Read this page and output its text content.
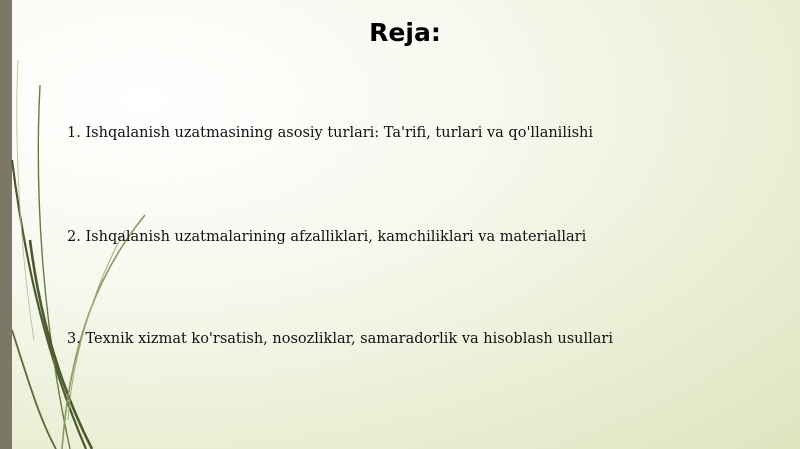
Reja:

1. Ishqalanish uzatmasining asosiy turlari: Ta'rifi, turlari va qo'llanilishi

2. Ishqalanish uzatmalarining afzalliklari, kamchiliklari va materiallari

3. Texnik xizmat ko'rsatish, nosozliklar, samaradorlik va hisoblash usullari
